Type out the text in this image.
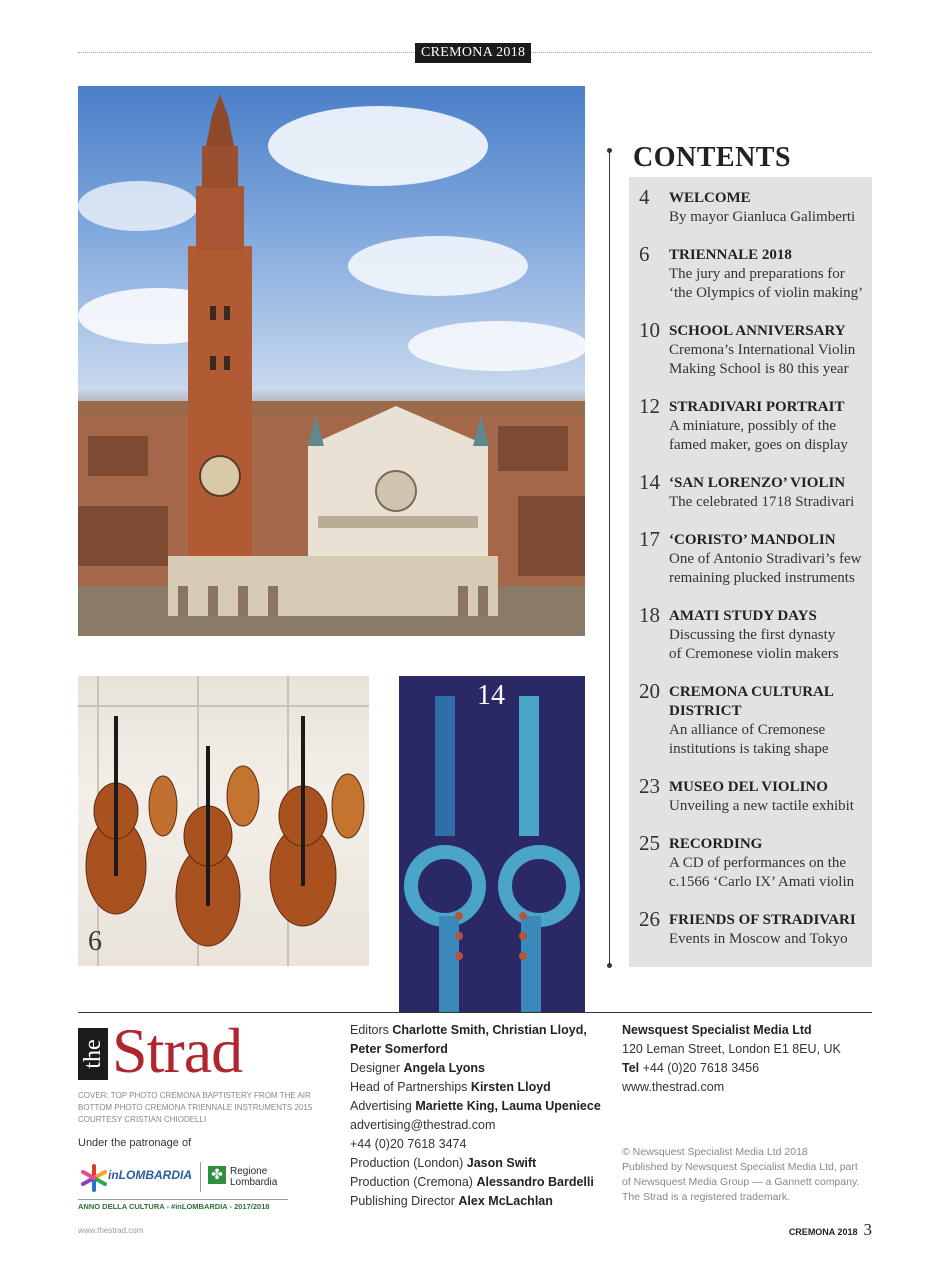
CREMONA 2018
6
14
CONTENTS
4 WELCOME
By mayor Gianluca Galimberti
6 TRIENNALE 2018
The jury and preparations for
‘the Olympics of violin making’
10 SCHOOL ANNIVERSARY
Cremona’s International Violin
Making School is 80 this year
12 STRADIVARI PORTRAIT
A miniature, possibly of the
famed maker, goes on display
14 ‘SAN LORENZO’ VIOLIN
The celebrated 1718 Stradivari
17 ‘CORISTO’ MANDOLIN
One of Antonio Stradivari’s few
remaining plucked instruments
18 AMATI STUDY DAYS
Discussing the first dynasty
of Cremonese violin makers
20 CREMONA CULTURAL DISTRICT
An alliance of Cremonese
institutions is taking shape
23 MUSEO DEL VIOLINO
Unveiling a new tactile exhibit
25 RECORDING
A CD of performances on the
c.1566 ‘Carlo IX’ Amati violin
26 FRIENDS OF STRADIVARI
Events in Moscow and Tokyo
the Strad
COVER: TOP PHOTO CREMONA BAPTISTERY FROM THE AIR
BOTTOM PHOTO CREMONA TRIENNALE INSTRUMENTS 2015
COURTESY CRISTIAN CHIODELLI
Under the patronage of
inLOMBARDIA ✤ Regione
Lombardia
ANNO DELLA CULTURA - #inLOMBARDIA - 2017/2018
Editors Charlotte Smith, Christian Lloyd,
Peter Somerford
Designer Angela Lyons
Head of Partnerships Kirsten Lloyd
Advertising Mariette King, Lauma Upeniece
advertising@thestrad.com
+44 (0)20 7618 3474
Production (London) Jason Swift
Production (Cremona) Alessandro Bardelli
Publishing Director Alex McLachlan
Newsquest Specialist Media Ltd
120 Leman Street, London E1 8EU, UK
Tel +44 (0)20 7618 3456
www.thestrad.com
© Newsquest Specialist Media Ltd 2018
Published by Newsquest Specialist Media Ltd, part
of Newsquest Media Group — a Gannett company.
The Strad is a registered trademark.
www.thestrad.com	CREMONA 2018 3
